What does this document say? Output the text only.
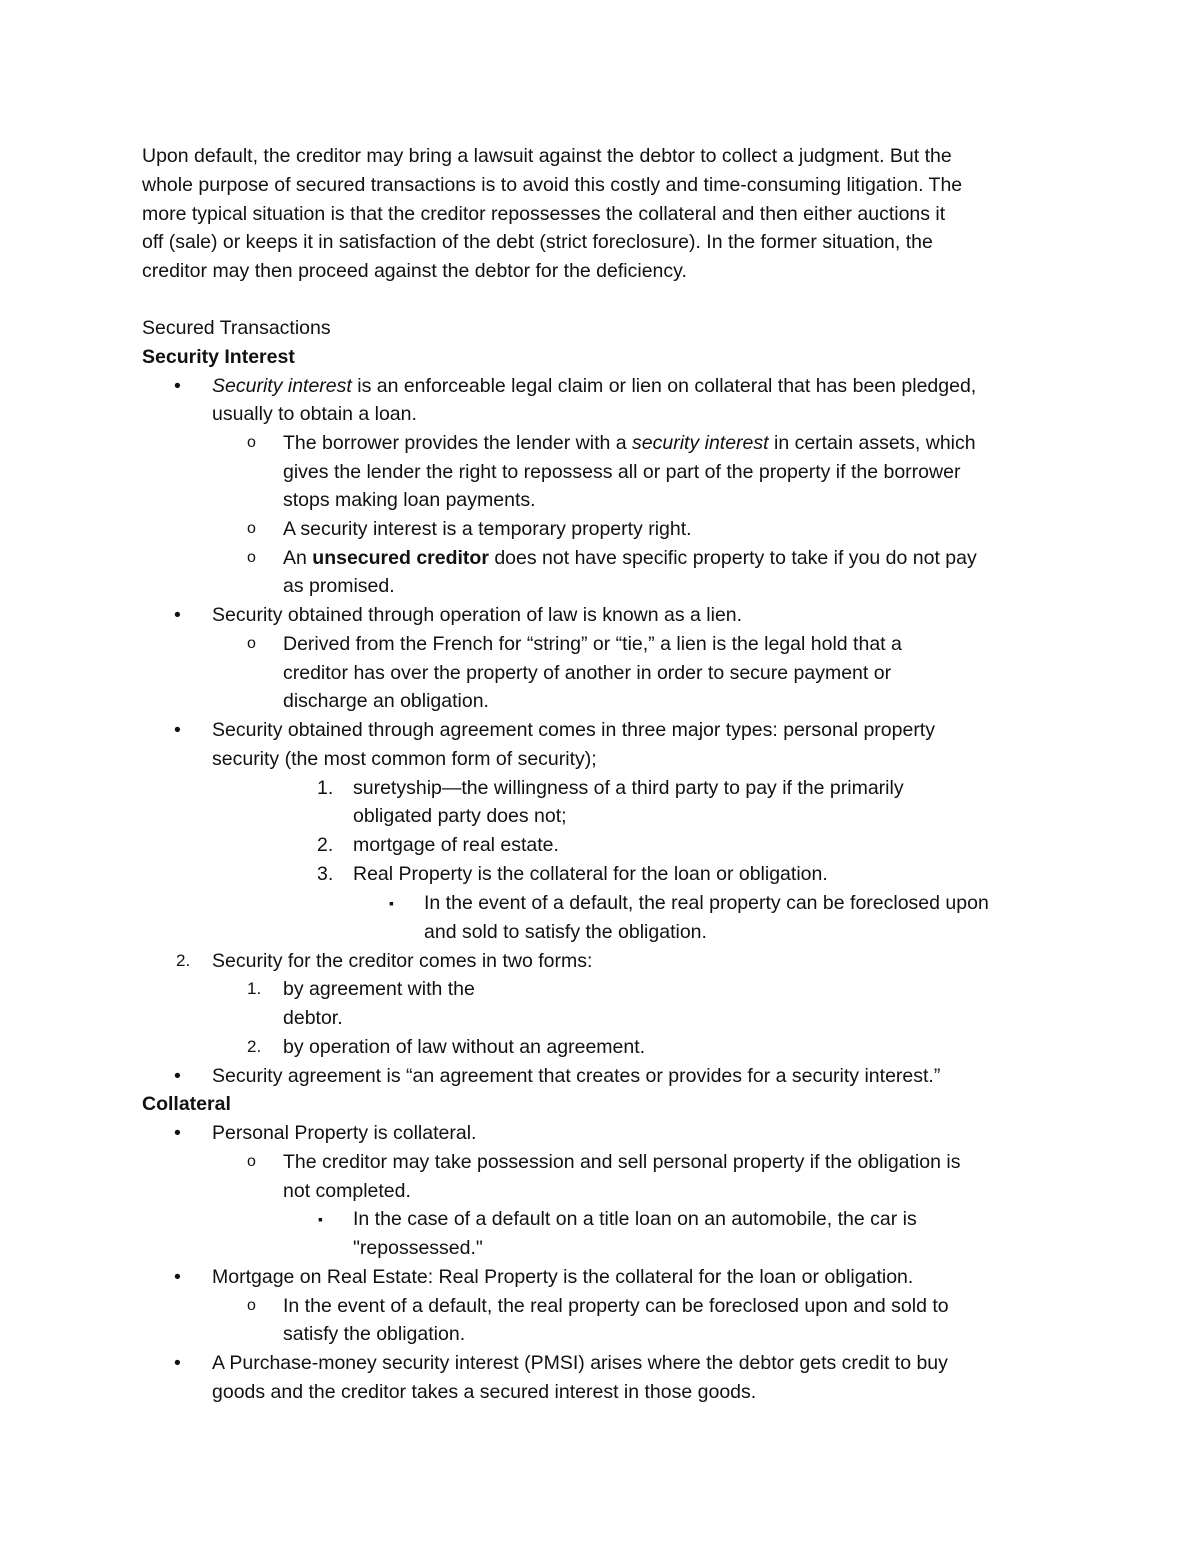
Upon default, the creditor may bring a lawsuit against the debtor to collect a judgment. But the
whole purpose of secured transactions is to avoid this costly and time-consuming litigation. The
more typical situation is that the creditor repossesses the collateral and then either auctions it
off (sale) or keeps it in satisfaction of the debt (strict foreclosure). In the former situation, the
creditor may then proceed against the debtor for the deficiency.
Secured Transactions
Security Interest
• Security interest is an enforceable legal claim or lien on collateral that has been pledged,
usually to obtain a loan.
o The borrower provides the lender with a security interest in certain assets, which
gives the lender the right to repossess all or part of the property if the borrower
stops making loan payments.
o A security interest is a temporary property right.
o An unsecured creditor does not have specific property to take if you do not pay
as promised.
• Security obtained through operation of law is known as a lien.
o Derived from the French for “string” or “tie,” a lien is the legal hold that a
creditor has over the property of another in order to secure payment or
discharge an obligation.
• Security obtained through agreement comes in three major types: personal property
security (the most common form of security);
1. suretyship—the willingness of a third party to pay if the primarily
obligated party does not;
2. mortgage of real estate.
3. Real Property is the collateral for the loan or obligation.
▪ In the event of a default, the real property can be foreclosed upon
and sold to satisfy the obligation.
2. Security for the creditor comes in two forms:
1. by agreement with the
debtor.
2. by operation of law without an agreement.
• Security agreement is “an agreement that creates or provides for a security interest.”
Collateral
• Personal Property is collateral.
o The creditor may take possession and sell personal property if the obligation is
not completed.
▪ In the case of a default on a title loan on an automobile, the car is
"repossessed."
• Mortgage on Real Estate: Real Property is the collateral for the loan or obligation.
o In the event of a default, the real property can be foreclosed upon and sold to
satisfy the obligation.
• A Purchase-money security interest (PMSI) arises where the debtor gets credit to buy
goods and the creditor takes a secured interest in those goods.
